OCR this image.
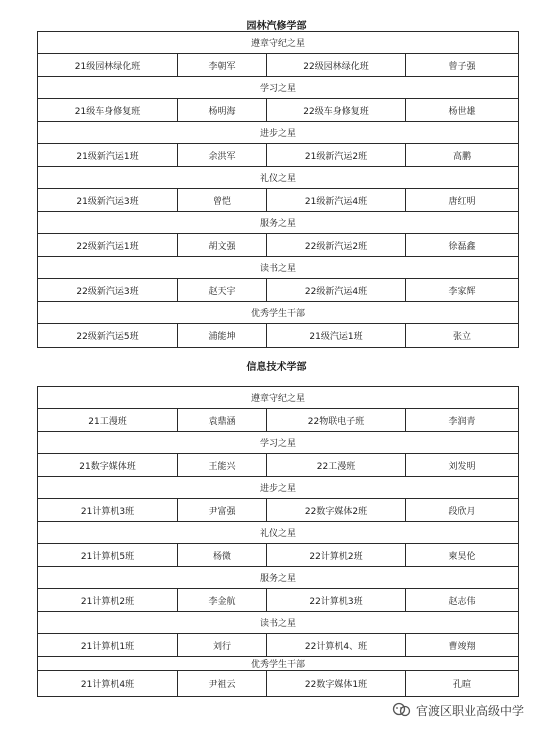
园林汽修学部
遵章守纪之星
21级园林绿化班	李朝军	22级园林绿化班	曾子强
学习之星
21级车身修复班	杨明海	22级车身修复班	杨世雄
进步之星
21级新汽运1班	余洪军	21级新汽运2班	高鹏
礼仪之星
21级新汽运3班	曾恺	21级新汽运4班	唐红明
服务之星
22级新汽运1班	胡文强	22级新汽运2班	徐磊鑫
读书之星
22级新汽运3班	赵天宇	22级新汽运4班	李家辉
优秀学生干部
22级新汽运5班	浦能坤	21级汽运1班	张立
信息技术学部
遵章守纪之星
21工漫班	袁鼎涵	22物联电子班	李润青
学习之星
21数字媒体班	王能兴	22工漫班	刘发明
进步之星
21计算机3班	尹富强	22数字媒体2班	段欣月
礼仪之星
21计算机5班	杨微	22计算机2班	柬昊伦
服务之星
21计算机2班	李金航	22计算机3班	赵志伟
读书之星
21计算机1班	刘行	22计算机4、班	曹竣翔
优秀学生干部
21计算机4班	尹祖云	22数字媒体1班	孔暄
官渡区职业高级中学
